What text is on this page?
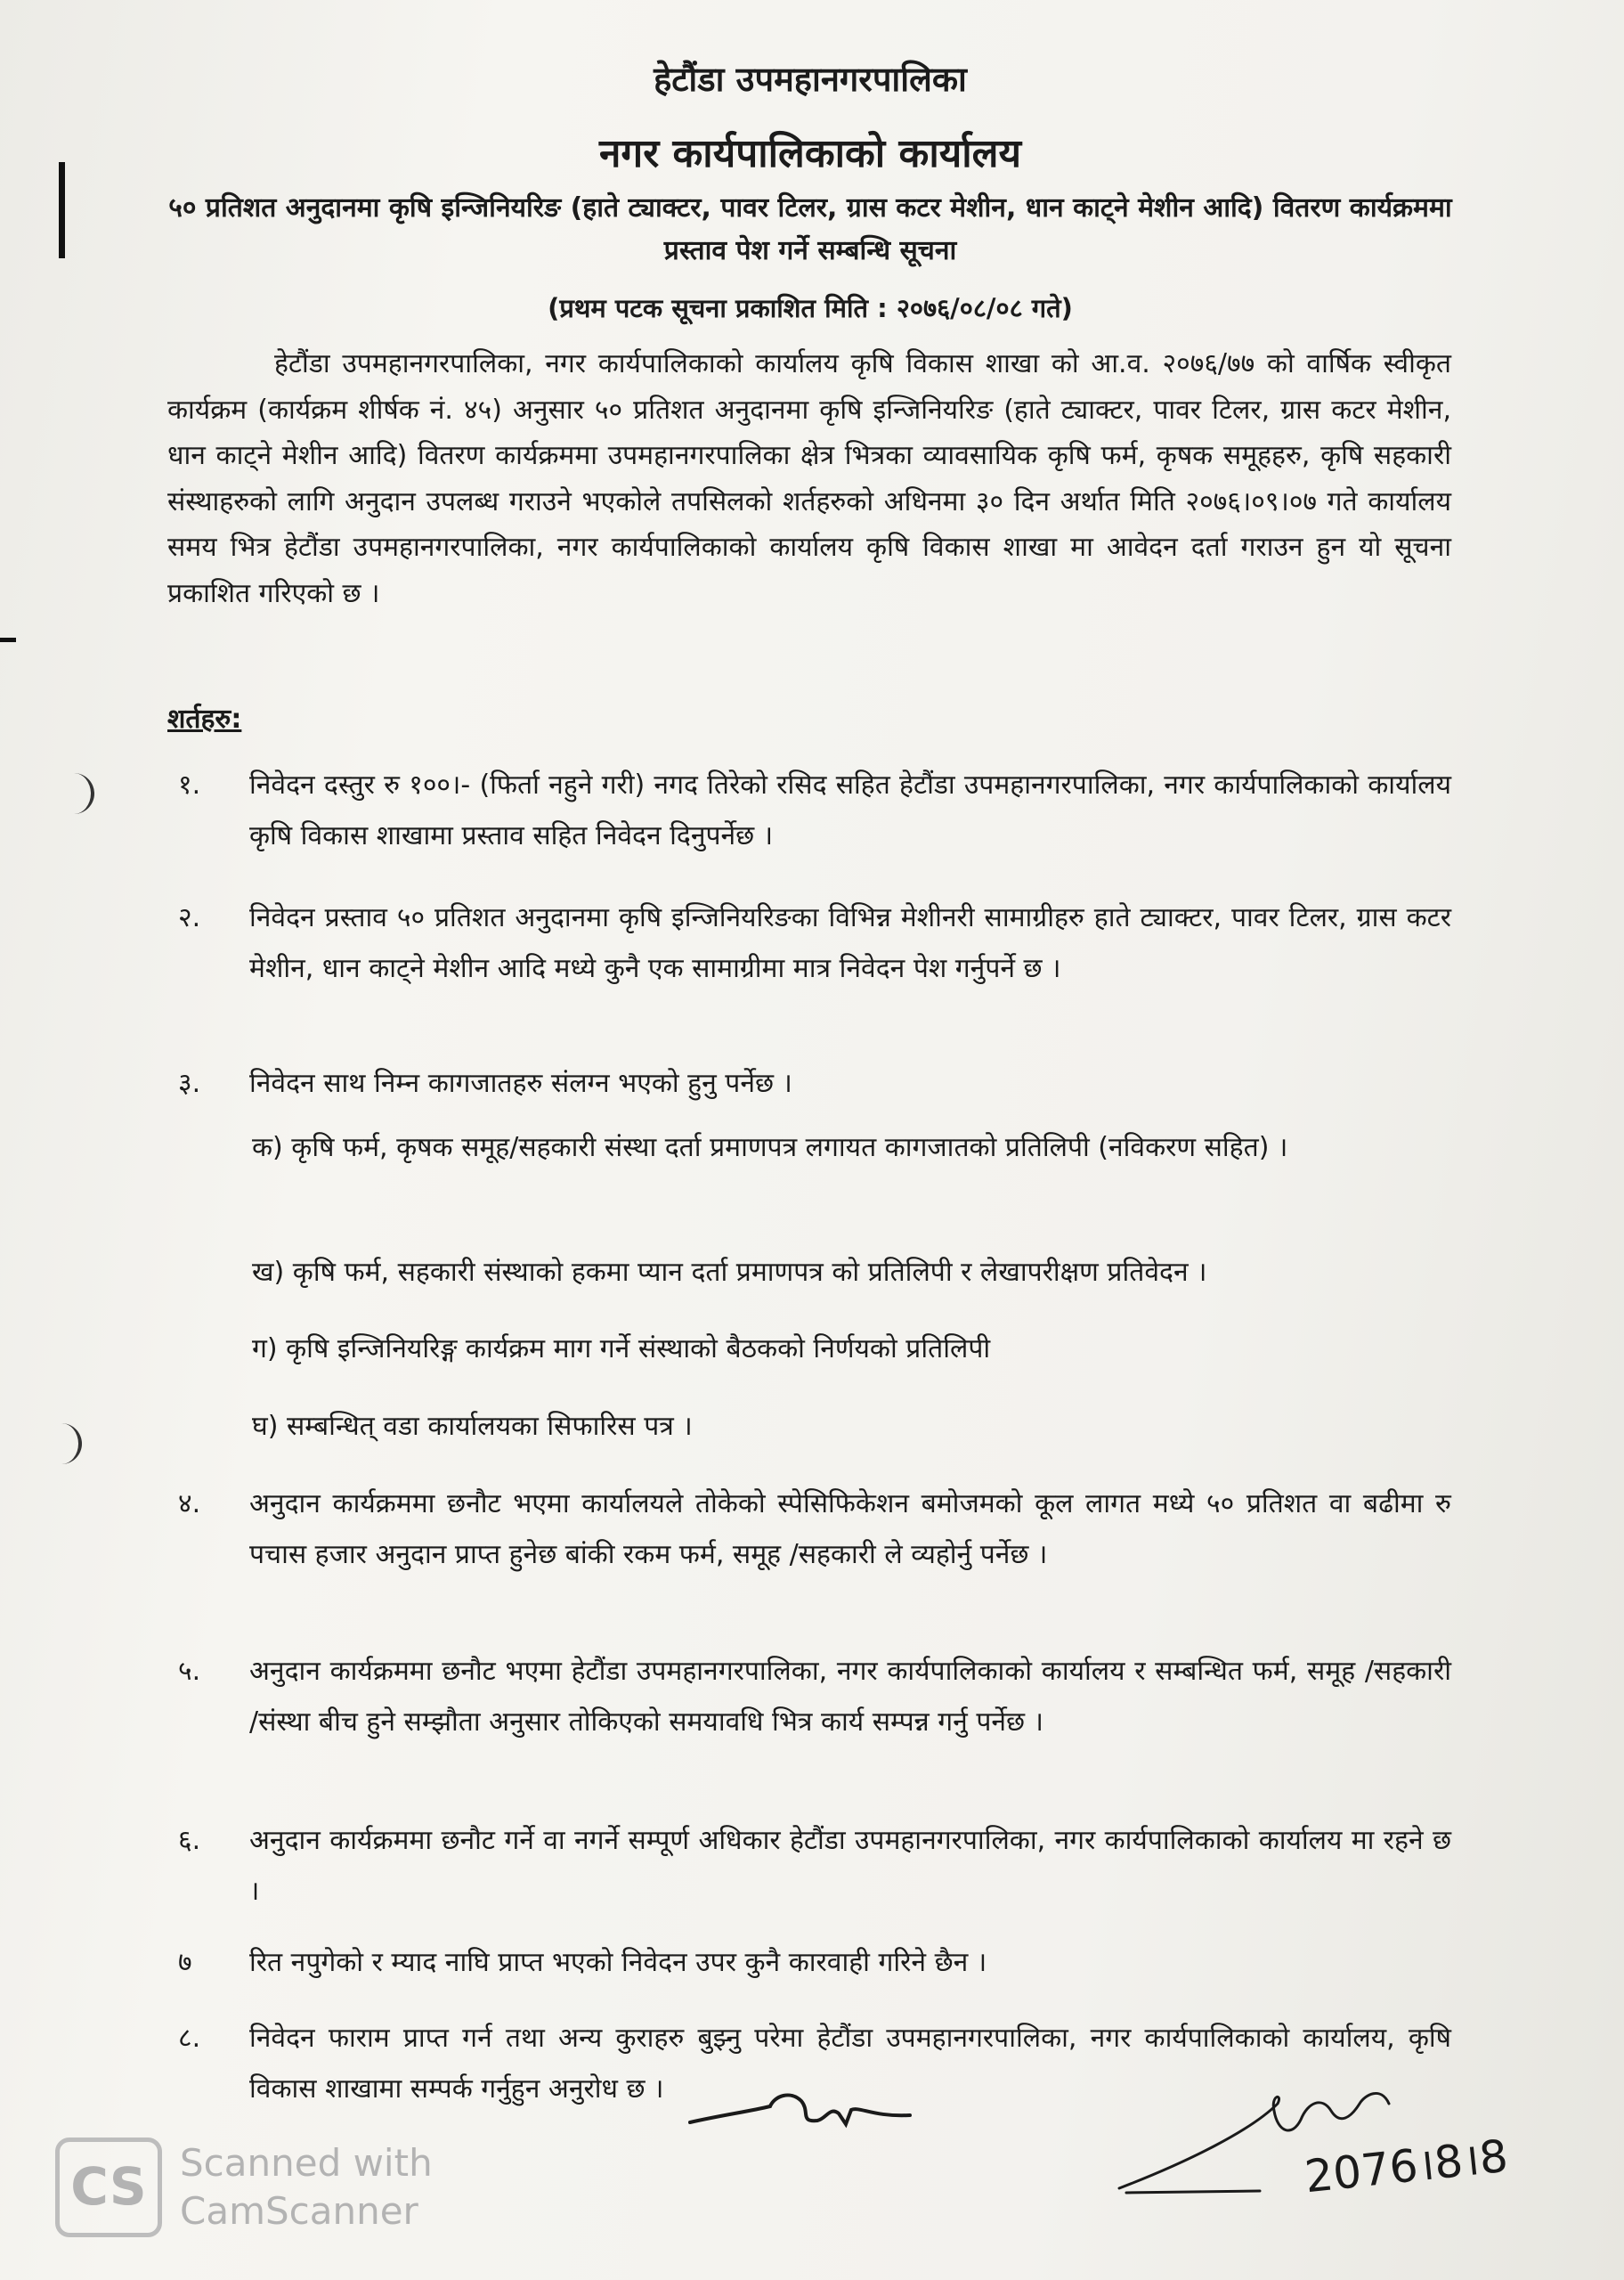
हेटौंडा उपमहानगरपालिका
नगर कार्यपालिकाको कार्यालय
५० प्रतिशत अनुदानमा कृषि इन्जिनियरिङ (हाते ट्याक्टर, पावर टिलर, ग्रास कटर मेशीन, धान काट्ने मेशीन आदि) वितरण कार्यक्रममा प्रस्ताव पेश गर्ने सम्बन्धि सूचना
(प्रथम पटक सूचना प्रकाशित मिति : २०७६/०८/०८ गते)
हेटौंडा उपमहानगरपालिका, नगर कार्यपालिकाको कार्यालय कृषि विकास शाखा को आ.व. २०७६/७७ को वार्षिक स्वीकृत कार्यक्रम (कार्यक्रम शीर्षक नं. ४५) अनुसार ५० प्रतिशत अनुदानमा कृषि इन्जिनियरिङ (हाते ट्याक्टर, पावर टिलर, ग्रास कटर मेशीन, धान काट्ने मेशीन आदि) वितरण कार्यक्रममा उपमहानगरपालिका क्षेत्र भित्रका व्यावसायिक कृषि फर्म, कृषक समूहहरु, कृषि सहकारी संस्थाहरुको लागि अनुदान उपलब्ध गराउने भएकोले तपसिलको शर्तहरुको अधिनमा ३० दिन अर्थात मिति २०७६।०९।०७ गते कार्यालय समय भित्र हेटौंडा उपमहानगरपालिका, नगर कार्यपालिकाको कार्यालय कृषि विकास शाखा मा आवेदन दर्ता गराउन हुन यो सूचना प्रकाशित गरिएको छ ।
शर्तहरु:
१.	निवेदन दस्तुर रु १००।- (फिर्ता नहुने गरी) नगद तिरेको रसिद सहित हेटौंडा उपमहानगरपालिका, नगर कार्यपालिकाको कार्यालय कृषि विकास शाखामा प्रस्ताव सहित निवेदन दिनुपर्नेछ ।
२.	निवेदन प्रस्ताव ५० प्रतिशत अनुदानमा कृषि इन्जिनियरिङका विभिन्न मेशीनरी सामाग्रीहरु हाते ट्याक्टर, पावर टिलर, ग्रास कटर मेशीन, धान काट्ने मेशीन आदि मध्ये कुनै एक सामाग्रीमा मात्र निवेदन पेश गर्नुपर्ने छ ।
३.	निवेदन साथ निम्न कागजातहरु संलग्न भएको हुनु पर्नेछ ।
क) कृषि फर्म, कृषक समूह/सहकारी संस्था दर्ता प्रमाणपत्र लगायत कागजातको प्रतिलिपी (नविकरण सहित) ।
ख) कृषि फर्म, सहकारी संस्थाको हकमा प्यान दर्ता प्रमाणपत्र को प्रतिलिपी र लेखापरीक्षण प्रतिवेदन ।
ग) कृषि इन्जिनियरिङ्ग कार्यक्रम माग गर्ने संस्थाको बैठकको निर्णयको प्रतिलिपी
घ) सम्बन्धित् वडा कार्यालयका सिफारिस पत्र ।
४.	अनुदान कार्यक्रममा छनौट भएमा कार्यालयले तोकेको स्पेसिफिकेशन बमोजमको कूल लागत मध्ये ५० प्रतिशत वा बढीमा रु पचास हजार अनुदान प्राप्त हुनेछ बांकी रकम फर्म, समूह /सहकारी ले व्यहोर्नु पर्नेछ ।
५.	अनुदान कार्यक्रममा छनौट भएमा हेटौंडा उपमहानगरपालिका, नगर कार्यपालिकाको कार्यालय र सम्बन्धित फर्म, समूह /सहकारी /संस्था बीच हुने सम्झौता अनुसार तोकिएको समयावधि भित्र कार्य सम्पन्न गर्नु पर्नेछ ।
६.	अनुदान कार्यक्रममा छनौट गर्ने वा नगर्ने सम्पूर्ण अधिकार हेटौंडा उपमहानगरपालिका, नगर कार्यपालिकाको कार्यालय मा रहने छ ।
७	रित नपुगेको र म्याद नाघि प्राप्त भएको निवेदन उपर कुनै कारवाही गरिने छैन ।
८.	निवेदन फाराम प्राप्त गर्न तथा अन्य कुराहरु बुझ्नु परेमा हेटौंडा उपमहानगरपालिका, नगर कार्यपालिकाको कार्यालय, कृषि विकास शाखामा सम्पर्क गर्नुहुन अनुरोध छ ।
2076।8।8
CS Scanned with
CamScanner
